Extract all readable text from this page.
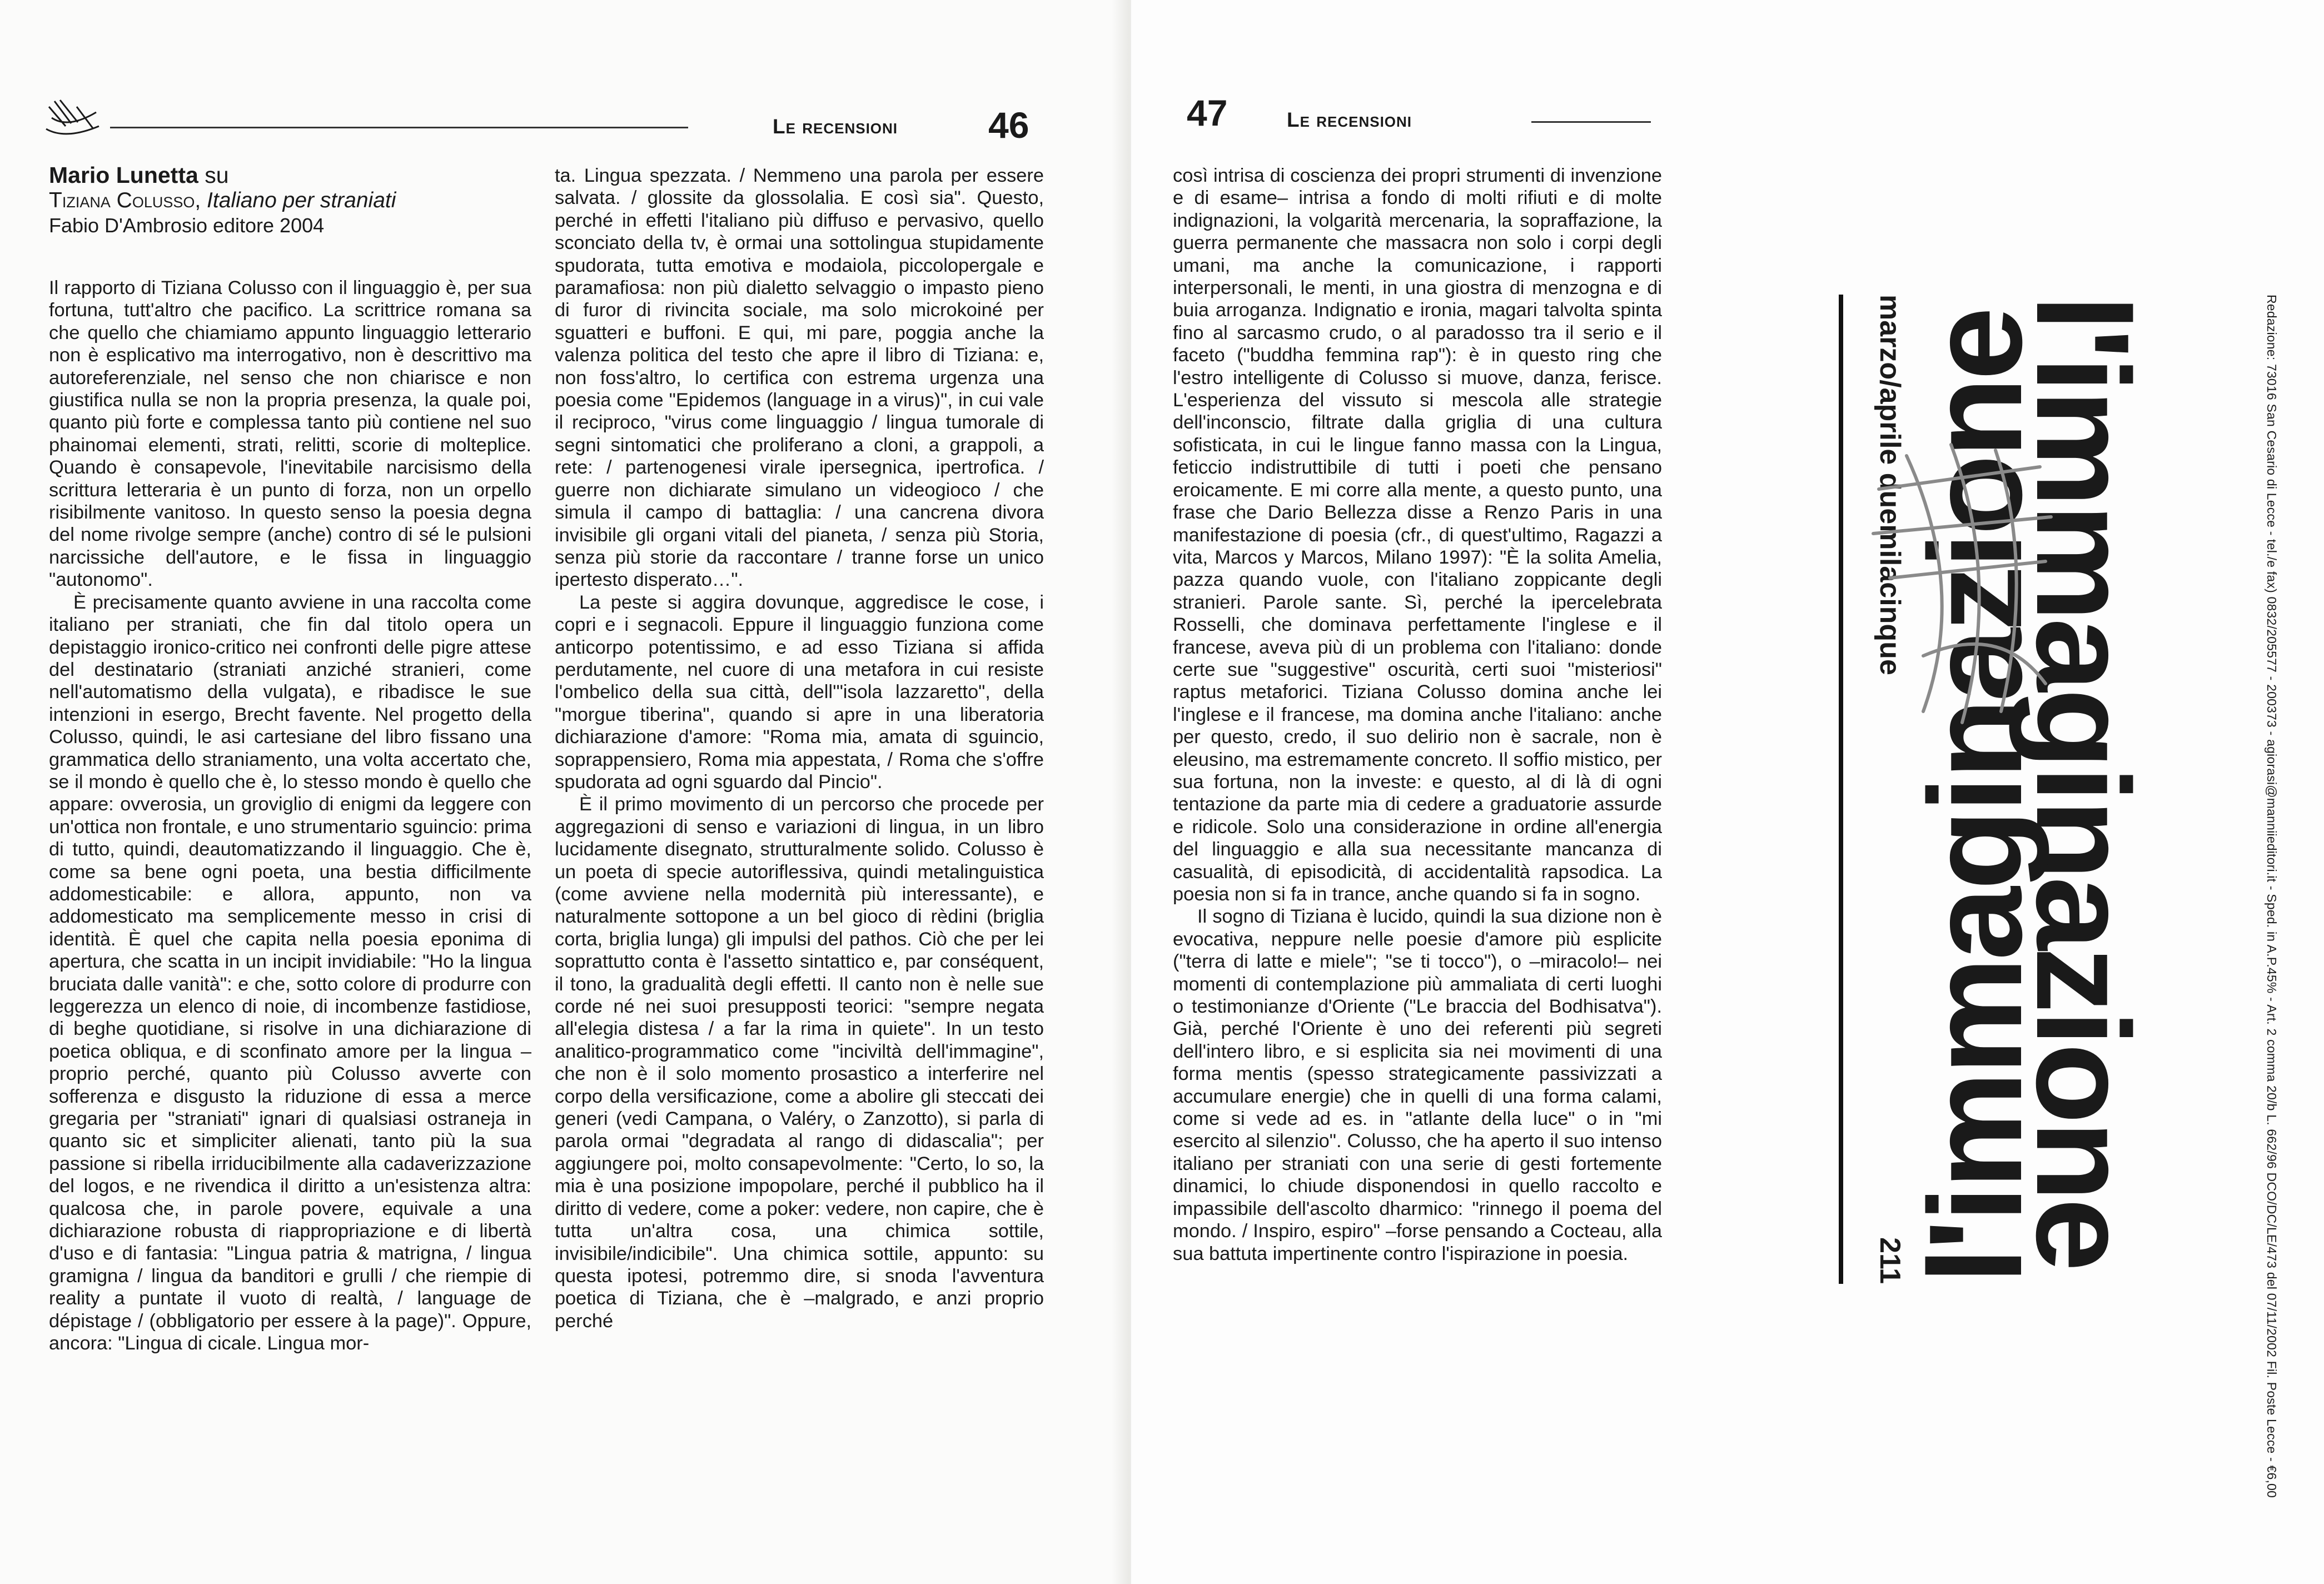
Le recensioni 46
Mario Lunetta su
Tiziana Colusso, Italiano per straniati
Fabio D'Ambrosio editore 2004

Il rapporto di Tiziana Colusso con il linguaggio è, per sua fortuna, tutt'altro che pacifico. La scrittrice romana sa che quello che chiamiamo appunto linguaggio letterario non è esplicativo ma interrogativo, non è descrittivo ma autoreferenziale, nel senso che non chiarisce e non giustifica nulla se non la propria presenza, la quale poi, quanto più forte e complessa tanto più contiene nel suo phainomai elementi, strati, relitti, scorie di molteplice. Quando è consapevole, l'inevitabile narcisismo della scrittura letteraria è un punto di forza, non un orpello risibilmente vanitoso. In questo senso la poesia degna del nome rivolge sempre (anche) contro di sé le pulsioni narcissiche dell'autore, e le fissa in linguaggio "autonomo".

È precisamente quanto avviene in una raccolta come italiano per straniati, che fin dal titolo opera un depistaggio ironico-critico nei confronti delle pigre attese del destinatario (straniati anziché stranieri, come nell'automatismo della vulgata), e ribadisce le sue intenzioni in esergo, Brecht favente. Nel progetto della Colusso, quindi, le asi cartesiane del libro fissano una grammatica dello straniamento, una volta accertato che, se il mondo è quello che è, lo stesso mondo è quello che appare: ovverosia, un groviglio di enigmi da leggere con un'ottica non frontale, e uno strumentario sguincio: prima di tutto, quindi, deautomatizzando il linguaggio. Che è, come sa bene ogni poeta, una bestia difficilmente addomesticabile: e allora, appunto, non va addomesticato ma semplicemente messo in crisi di identità. È quel che capita nella poesia eponima di apertura, che scatta in un incipit invidiabile: "Ho la lingua bruciata dalle vanità": e che, sotto colore di produrre con leggerezza un elenco di noie, di incombenze fastidiose, di beghe quotidiane, si risolve in una dichiarazione di poetica obliqua, e di sconfinato amore per la lingua –proprio perché, quanto più Colusso avverte con sofferenza e disgusto la riduzione di essa a merce gregaria per "straniati" ignari di qualsiasi ostraneja in quanto sic et simpliciter alienati, tanto più la sua passione si ribella irriducibilmente alla cadaverizzazione del logos, e ne rivendica il diritto a un'esistenza altra: qualcosa che, in parole povere, equivale a una dichiarazione robusta di riappropriazione e di libertà d'uso e di fantasia: "Lingua patria & matrigna, / lingua gramigna / lingua da banditori e grulli / che riempie di reality a puntate il vuoto di realtà, / language de dépistage / (obbligatorio per essere à la page)". Oppure, ancora: "Lingua di cicale. Lingua mor-

ta. Lingua spezzata. / Nemmeno una parola per essere salvata. / glossite da glossolalia. E così sia". Questo, perché in effetti l'italiano più diffuso e pervasivo, quello sconciato della tv, è ormai una sottolingua stupidamente spudorata, tutta emotiva e modaiola, piccolopergale e paramafiosa: non più dialetto selvaggio o impasto pieno di furor di rivincita sociale, ma solo microkoiné per sguatteri e buffoni. E qui, mi pare, poggia anche la valenza politica del testo che apre il libro di Tiziana: e, non foss'altro, lo certifica con estrema urgenza una poesia come "Epidemos (language in a virus)", in cui vale il reciproco, "virus come linguaggio / lingua tumorale di segni sintomatici che proliferano a cloni, a grappoli, a rete: / partenogenesi virale ipersegnica, ipertrofica. / guerre non dichiarate simulano un videogioco / che simula il campo di battaglia: / una cancrena divora invisibile gli organi vitali del pianeta, / senza più Storia, senza più storie da raccontare / tranne forse un unico ipertesto disperato…".

La peste si aggira dovunque, aggredisce le cose, i copri e i segnacoli. Eppure il linguaggio funziona come anticorpo potentissimo, e ad esso Tiziana si affida perdutamente, nel cuore di una metafora in cui resiste l'ombelico della sua città, dell'"isola lazzaretto", della "morgue tiberina", quando si apre in una liberatoria dichiarazione d'amore: "Roma mia, amata di sguincio, soprappensiero, Roma mia appestata, / Roma che s'offre spudorata ad ogni sguardo dal Pincio".

È il primo movimento di un percorso che procede per aggregazioni di senso e variazioni di lingua, in un libro lucidamente disegnato, strutturalmente solido. Colusso è un poeta di specie autoriflessiva, quindi metalinguistica (come avviene nella modernità più interessante), e naturalmente sottopone a un bel gioco di rèdini (briglia corta, briglia lunga) gli impulsi del pathos. Ciò che per lei soprattutto conta è l'assetto sintattico e, par conséquent, il tono, la gradualità degli effetti. Il canto non è nelle sue corde né nei suoi presupposti teorici: "sempre negata all'elegia distesa / a far la rima in quiete". In un testo analitico-programmatico come "inciviltà dell'immagine", che non è il solo momento prosastico a interferire nel corpo della versificazione, come a abolire gli steccati dei generi (vedi Campana, o Valéry, o Zanzotto), si parla di parola ormai "degradata al rango di didascalia"; per aggiungere poi, molto consapevolmente: "Certo, lo so, la mia è una posizione impopolare, perché il pubblico ha il diritto di vedere, come a poker: vedere, non capire, che è tutta un'altra cosa, una chimica sottile, invisibile/indicibile". Una chimica sottile, appunto: su questa ipotesi, potremmo dire, si snoda l'avventura poetica di Tiziana, che è –malgrado, e anzi proprio perché

47	Le recensioni

così intrisa di coscienza dei propri strumenti di invenzione e di esame– intrisa a fondo di molti rifiuti e di molte indignazioni, la volgarità mercenaria, la sopraffazione, la guerra permanente che massacra non solo i corpi degli umani, ma anche la comunicazione, i rapporti interpersonali, le menti, in una giostra di menzogna e di buia arroganza. Indignatio e ironia, magari talvolta spinta fino al sarcasmo crudo, o al paradosso tra il serio e il faceto ("buddha femmina rap"): è in questo ring che l'estro intelligente di Colusso si muove, danza, ferisce. L'esperienza del vissuto si mescola alle strategie dell'inconscio, filtrate dalla griglia di una cultura sofisticata, in cui le lingue fanno massa con la Lingua, feticcio indistruttibile di tutti i poeti che pensano eroicamente. E mi corre alla mente, a questo punto, una frase che Dario Bellezza disse a Renzo Paris in una manifestazione di poesia (cfr., di quest'ultimo, Ragazzi a vita, Marcos y Marcos, Milano 1997): "È la solita Amelia, pazza quando vuole, con l'italiano zoppicante degli stranieri. Parole sante. Sì, perché la ipercelebrata Rosselli, che dominava perfettamente l'inglese e il francese, aveva più di un problema con l'italiano: donde certe sue "suggestive" oscurità, certi suoi "misteriosi" raptus metaforici. Tiziana Colusso domina anche lei l'inglese e il francese, ma domina anche l'italiano: anche per questo, credo, il suo delirio non è sacrale, non è eleusino, ma estremamente concreto. Il soffio mistico, per sua fortuna, non la investe: e questo, al di là di ogni tentazione da parte mia di cedere a graduatorie assurde e ridicole. Solo una considerazione in ordine all'energia del linguaggio e alla sua necessitante mancanza di casualità, di episodicità, di accidentalità rapsodica. La poesia non si fa in trance, anche quando si fa in sogno.

Il sogno di Tiziana è lucido, quindi la sua dizione non è evocativa, neppure nelle poesie d'amore più esplicite ("terra di latte e miele"; "se ti tocco"), o –miracolo!– nei momenti di contemplazione più ammaliata di certi luoghi o testimonianze d'Oriente ("Le braccia del Bodhisatva"). Già, perché l'Oriente è uno dei referenti più segreti dell'intero libro, e si esplicita sia nei movimenti di una forma mentis (spesso strategicamente passivizzati a accumulare energie) che in quelli di una forma calami, come si vede ad es. in "atlante della luce" o in "mi esercito al silenzio". Colusso, che ha aperto il suo intenso italiano per straniati con una serie di gesti fortemente dinamici, lo chiude disponendosi in quello raccolto e impassibile dell'ascolto dharmico: "rinnego il poema del mondo. / Inspiro, espiro" –forse pensando a Cocteau, alla sua battuta impertinente contro l'ispirazione in poesia.	l'immaginazione
l'immaginazione
marzo/aprile duemilacinque
211	Redazione: 73016 San Cesario di Lecce - tel./e fax) 0832/205577 - 200373 - agiorasi@manniieditori.it - Sped. in A.P.45% - Art. 2 comma 20/b L. 662/96 DCO/DC/LE/473 del 07/11/2002 Fil. Poste Lecce - €6,00
